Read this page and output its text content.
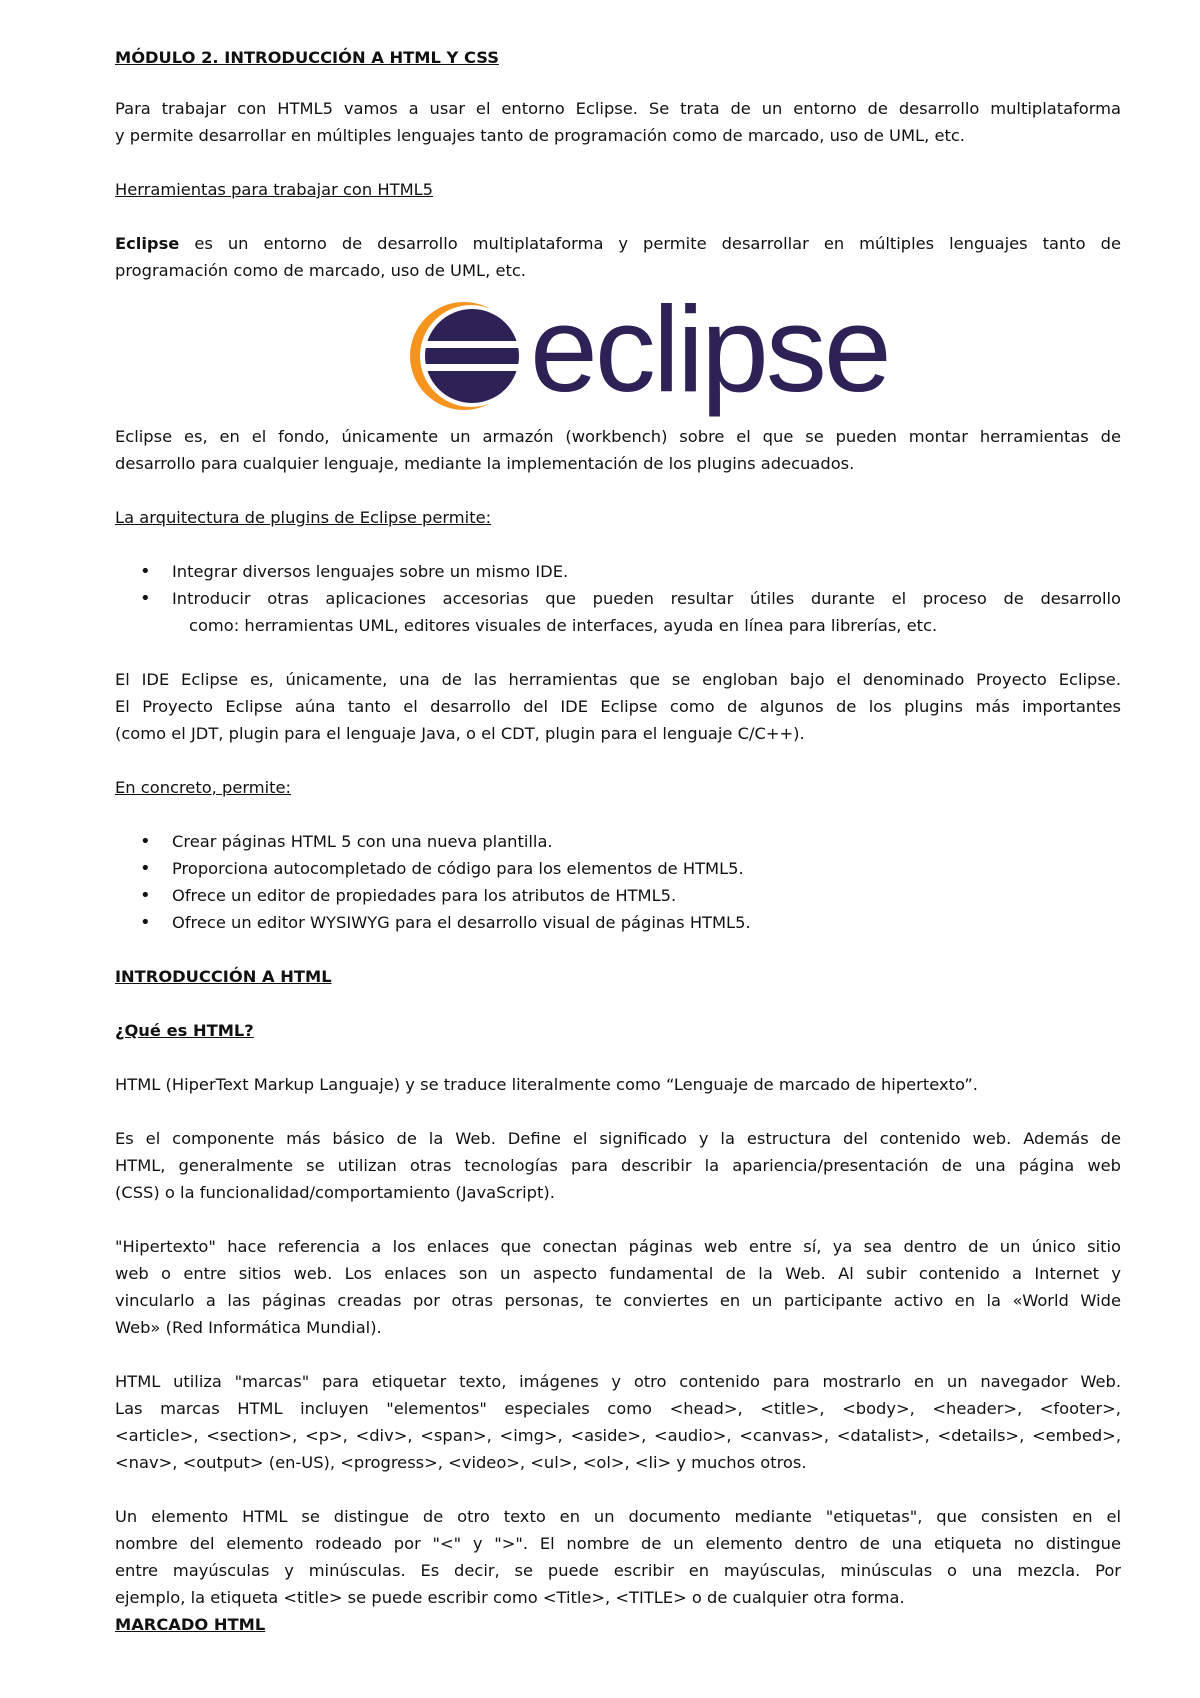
MÓDULO 2. INTRODUCCIÓN A HTML Y CSS

Para trabajar con HTML5 vamos a usar el entorno Eclipse. Se trata de un entorno de desarrollo multiplataforma

y permite desarrollar en múltiples lenguajes tanto de programación como de marcado, uso de UML, etc.

Herramientas para trabajar con HTML5

Eclipse es un entorno de desarrollo multiplataforma y permite desarrollar en múltiples lenguajes tanto de

programación como de marcado, uso de UML, etc.

eclipse

Eclipse es, en el fondo, únicamente un armazón (workbench) sobre el que se pueden montar herramientas de

desarrollo para cualquier lenguaje, mediante la implementación de los plugins adecuados.

La arquitectura de plugins de Eclipse permite:

• Integrar diversos lenguajes sobre un mismo IDE.

• Introducir otras aplicaciones accesorias que pueden resultar útiles durante el proceso de desarrollo

como: herramientas UML, editores visuales de interfaces, ayuda en línea para librerías, etc.

El IDE Eclipse es, únicamente, una de las herramientas que se engloban bajo el denominado Proyecto Eclipse.

El Proyecto Eclipse aúna tanto el desarrollo del IDE Eclipse como de algunos de los plugins más importantes

(como el JDT, plugin para el lenguaje Java, o el CDT, plugin para el lenguaje C/C++).

En concreto, permite:

• Crear páginas HTML 5 con una nueva plantilla.

• Proporciona autocompletado de código para los elementos de HTML5.

• Ofrece un editor de propiedades para los atributos de HTML5.

• Ofrece un editor WYSIWYG para el desarrollo visual de páginas HTML5.

INTRODUCCIÓN A HTML

¿Qué es HTML?

HTML (HiperText Markup Languaje) y se traduce literalmente como “Lenguaje de marcado de hipertexto”.

Es el componente más básico de la Web. Define el significado y la estructura del contenido web. Además de

HTML, generalmente se utilizan otras tecnologías para describir la apariencia/presentación de una página web

(CSS) o la funcionalidad/comportamiento (JavaScript).

"Hipertexto" hace referencia a los enlaces que conectan páginas web entre sí, ya sea dentro de un único sitio

web o entre sitios web. Los enlaces son un aspecto fundamental de la Web. Al subir contenido a Internet y

vincularlo a las páginas creadas por otras personas, te conviertes en un participante activo en la «World Wide

Web» (Red Informática Mundial).

HTML utiliza "marcas" para etiquetar texto, imágenes y otro contenido para mostrarlo en un navegador Web.

Las marcas HTML incluyen "elementos" especiales como <head>, <title>, <body>, <header>, <footer>,

<article>, <section>, <p>, <div>, <span>, <img>, <aside>, <audio>, <canvas>, <datalist>, <details>, <embed>,

<nav>, <output> (en-US), <progress>, <video>, <ul>, <ol>, <li> y muchos otros.

Un elemento HTML se distingue de otro texto en un documento mediante "etiquetas", que consisten en el

nombre del elemento rodeado por "<" y ">". El nombre de un elemento dentro de una etiqueta no distingue

entre mayúsculas y minúsculas. Es decir, se puede escribir en mayúsculas, minúsculas o una mezcla. Por

ejemplo, la etiqueta <title> se puede escribir como <Title>, <TITLE> o de cualquier otra forma.

MARCADO HTML
